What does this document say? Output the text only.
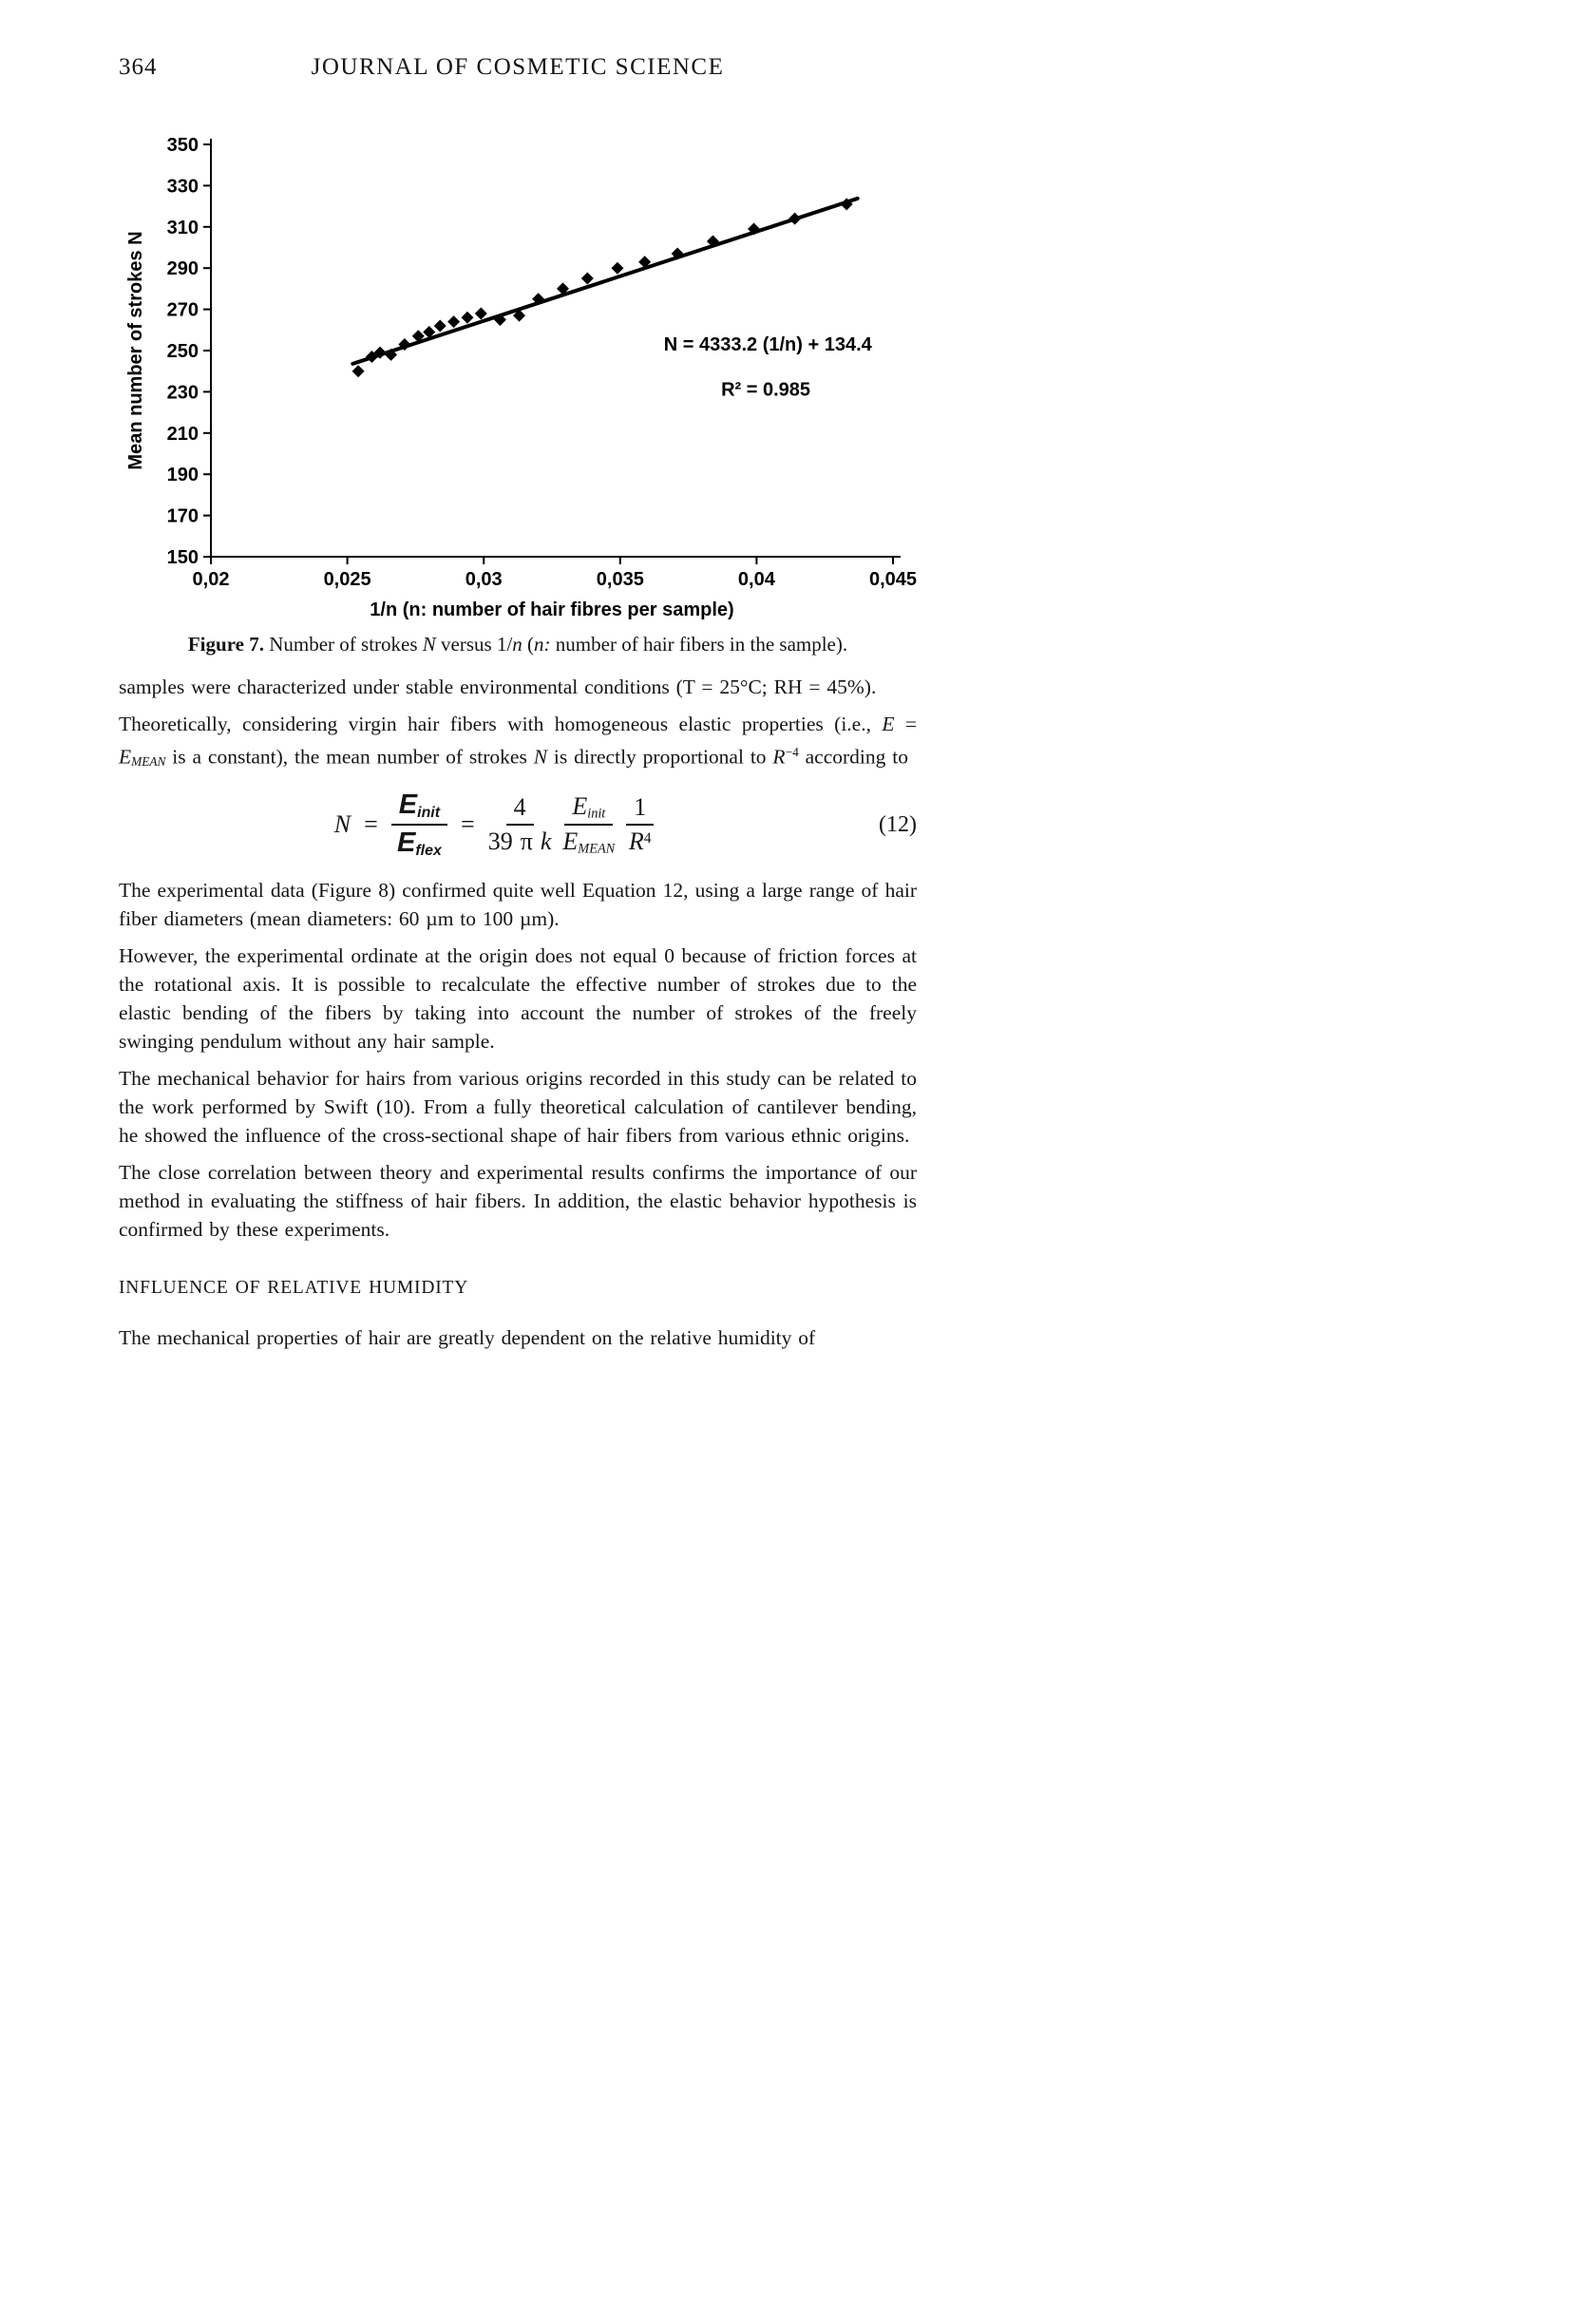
364	JOURNAL OF COSMETIC SCIENCE
150
170
190
210
230
250
270
290
310
330
350
0,02	0,025	0,03	0,035	0,04	0,045
N = 4333.2 (1/n) + 134.4
R² = 0.985
1/n (n: number of hair fibres per sample)
Mean number of strokes N
Figure 7. Number of strokes N versus 1/n (n: number of hair fibers in the sample).

samples were characterized under stable environmental conditions (T = 25°C; RH = 45%).

Theoretically, considering virgin hair fibers with homogeneous elastic properties (i.e., E = EMEAN is a constant), the mean number of strokes N is directly proportional to $R^{-4}$ according to

$N = \frac{\text{Einit}}{\text{Eflex}} = \frac{4}{\text{39 π k}} \frac{\text{Einit}}{\text{EMEAN}} \frac{1}{R^4}$	(12)

The experimental data (Figure 8) confirmed quite well Equation 12, using a large range of hair fiber diameters (mean diameters: 60 µm to 100 µm).

However, the experimental ordinate at the origin does not equal 0 because of friction forces at the rotational axis. It is possible to recalculate the effective number of strokes due to the elastic bending of the fibers by taking into account the number of strokes of the freely swinging pendulum without any hair sample.

The mechanical behavior for hairs from various origins recorded in this study can be related to the work performed by Swift (10). From a fully theoretical calculation of cantilever bending, he showed the influence of the cross-sectional shape of hair fibers from various ethnic origins.

The close correlation between theory and experimental results confirms the importance of our method in evaluating the stiffness of hair fibers. In addition, the elastic behavior hypothesis is confirmed by these experiments.

INFLUENCE OF RELATIVE HUMIDITY

The mechanical properties of hair are greatly dependent on the relative humidity of
